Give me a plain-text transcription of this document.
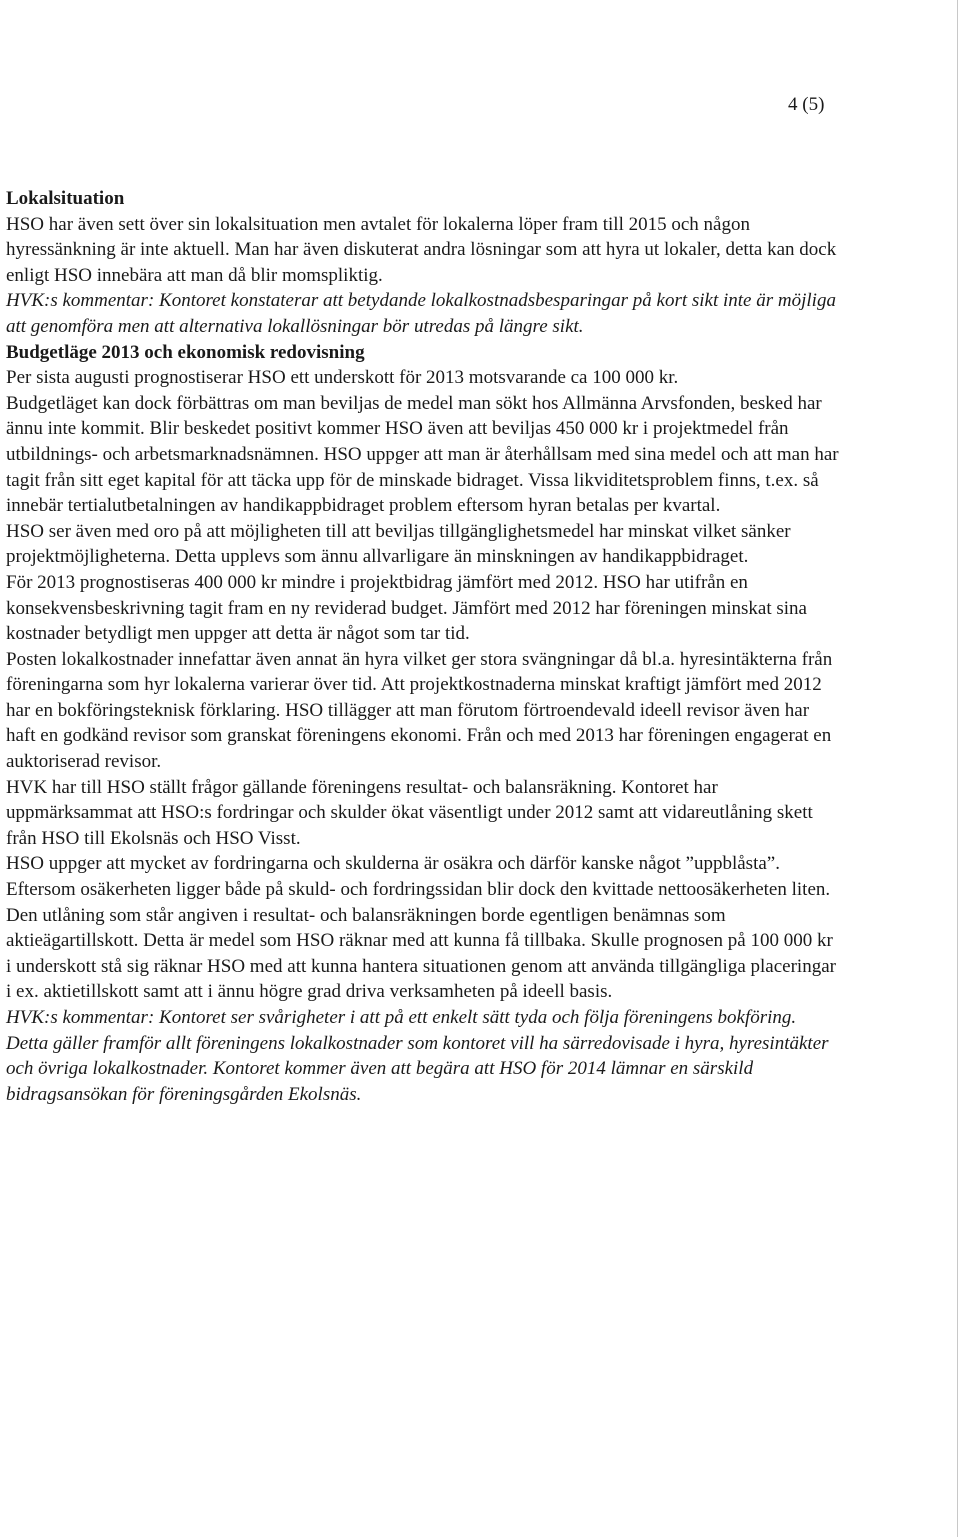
4 (5)

Lokalsituation

HSO har även sett över sin lokalsituation men avtalet för lokalerna löper fram till 2015 och någon hyressänkning är inte aktuell. Man har även diskuterat andra lösningar som att hyra ut lokaler, detta kan dock enligt HSO innebära att man då blir momspliktig.

HVK:s kommentar: Kontoret konstaterar att betydande lokalkostnadsbesparingar på kort sikt inte är möjliga att genomföra men att alternativa lokallösningar bör utredas på längre sikt.

Budgetläge 2013 och ekonomisk redovisning

Per sista augusti prognostiserar HSO ett underskott för 2013 motsvarande ca 100 000 kr.

Budgetläget kan dock förbättras om man beviljas de medel man sökt hos Allmänna Arvsfonden, besked har ännu inte kommit. Blir beskedet positivt kommer HSO även att beviljas 450 000 kr i projektmedel från utbildnings- och arbetsmarknadsnämnen. HSO uppger att man är återhållsam med sina medel och att man har tagit från sitt eget kapital för att täcka upp för de minskade bidraget. Vissa likviditetsproblem finns, t.ex. så innebär tertialutbetalningen av handikappbidraget problem eftersom hyran betalas per kvartal.

HSO ser även med oro på att möjligheten till att beviljas tillgänglighetsmedel har minskat vilket sänker projektmöjligheterna. Detta upplevs som ännu allvarligare än minskningen av handikappbidraget.

För 2013 prognostiseras 400 000 kr mindre i projektbidrag jämfört med 2012. HSO har utifrån en konsekvensbeskrivning tagit fram en ny reviderad budget. Jämfört med 2012 har föreningen minskat sina kostnader betydligt men uppger att detta är något som tar tid.

Posten lokalkostnader innefattar även annat än hyra vilket ger stora svängningar då bl.a. hyresintäkterna från föreningarna som hyr lokalerna varierar över tid. Att projektkostnaderna minskat kraftigt jämfört med 2012 har en bokföringsteknisk förklaring. HSO tillägger att man förutom förtroendevald ideell revisor även har haft en godkänd revisor som granskat föreningens ekonomi. Från och med 2013 har föreningen engagerat en auktoriserad revisor.

HVK har till HSO ställt frågor gällande föreningens resultat- och balansräkning. Kontoret har uppmärksammat att HSO:s fordringar och skulder ökat väsentligt under 2012 samt att vidareutlåning skett från HSO till Ekolsnäs och HSO Visst.

HSO uppger att mycket av fordringarna och skulderna är osäkra och därför kanske något ”uppblåsta”. Eftersom osäkerheten ligger både på skuld- och fordringssidan blir dock den kvittade nettoosäkerheten liten. Den utlåning som står angiven i resultat- och balansräkningen borde egentligen benämnas som aktieägartillskott. Detta är medel som HSO räknar med att kunna få tillbaka. Skulle prognosen på 100 000 kr i underskott stå sig räknar HSO med att kunna hantera situationen genom att använda tillgängliga placeringar i ex. aktietillskott samt att i ännu högre grad driva verksamheten på ideell basis.

HVK:s kommentar: Kontoret ser svårigheter i att på ett enkelt sätt tyda och följa föreningens bokföring. Detta gäller framför allt föreningens lokalkostnader som kontoret vill ha särredovisade i hyra, hyresintäkter och övriga lokalkostnader. Kontoret kommer även att begära att HSO för 2014 lämnar en särskild bidragsansökan för föreningsgården Ekolsnäs.
